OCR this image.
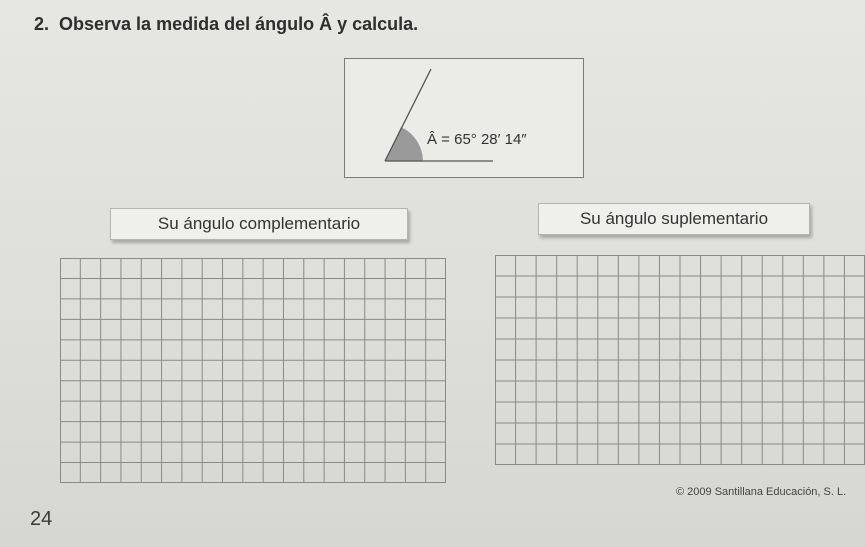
2. Observa la medida del ángulo Â y calcula.
Â = 65° 28′ 14″
Su ángulo complementario	Su ángulo suplementario
© 2009 Santillana Educación, S. L.
24
